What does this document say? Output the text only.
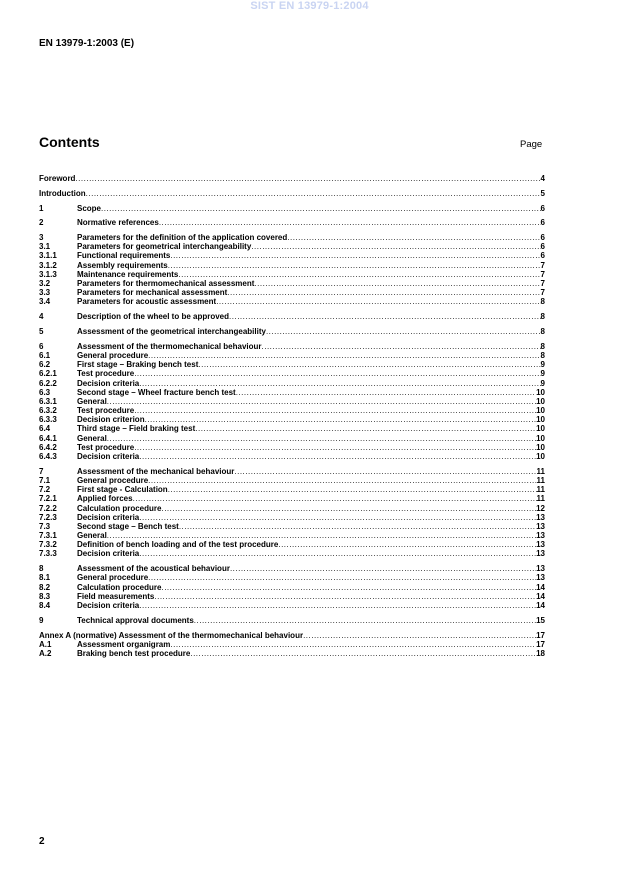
SIST EN 13979-1:2004
EN 13979-1:2003 (E)
Contents	Page
Foreword .....	4
Introduction .....	5
1	Scope .....	6
2	Normative references .....	6
3	Parameters for the definition of the application covered .....	6
3.1	Parameters for geometrical interchangeability .....	6
3.1.1	Functional requirements .....	6
3.1.2	Assembly requirements .....	7
3.1.3	Maintenance requirements .....	7
3.2	Parameters for thermomechanical assessment .....	7
3.3	Parameters for mechanical assessment .....	7
3.4	Parameters for acoustic assessment .....	8
4	Description of the wheel to be approved .....	8
5	Assessment of the geometrical interchangeability .....	8
6	Assessment of the thermomechanical behaviour .....	8
6.1	General procedure .....	8
6.2	First stage – Braking bench test .....	9
6.2.1	Test procedure .....	9
6.2.2	Decision criteria .....	9
6.3	Second stage – Wheel fracture bench test .....	10
6.3.1	General .....	10
6.3.2	Test procedure .....	10
6.3.3	Decision criterion .....	10
6.4	Third stage – Field braking test .....	10
6.4.1	General .....	10
6.4.2	Test procedure .....	10
6.4.3	Decision criteria .....	10
7	Assessment of the mechanical behaviour .....	11
7.1	General procedure .....	11
7.2	First stage - Calculation .....	11
7.2.1	Applied forces .....	11
7.2.2	Calculation procedure .....	12
7.2.3	Decision criteria .....	13
7.3	Second stage – Bench test .....	13
7.3.1	General .....	13
7.3.2	Definition of bench loading and of the test procedure .....	13
7.3.3	Decision criteria .....	13
8	Assessment of the acoustical behaviour .....	13
8.1	General procedure .....	13
8.2	Calculation procedure .....	14
8.3	Field measurements .....	14
8.4	Decision criteria .....	14
9	Technical approval documents .....	15
Annex A (normative) Assessment of the thermomechanical behaviour .....	17
A.1	Assessment organigram .....	17
A.2	Braking bench test procedure .....	18
2
